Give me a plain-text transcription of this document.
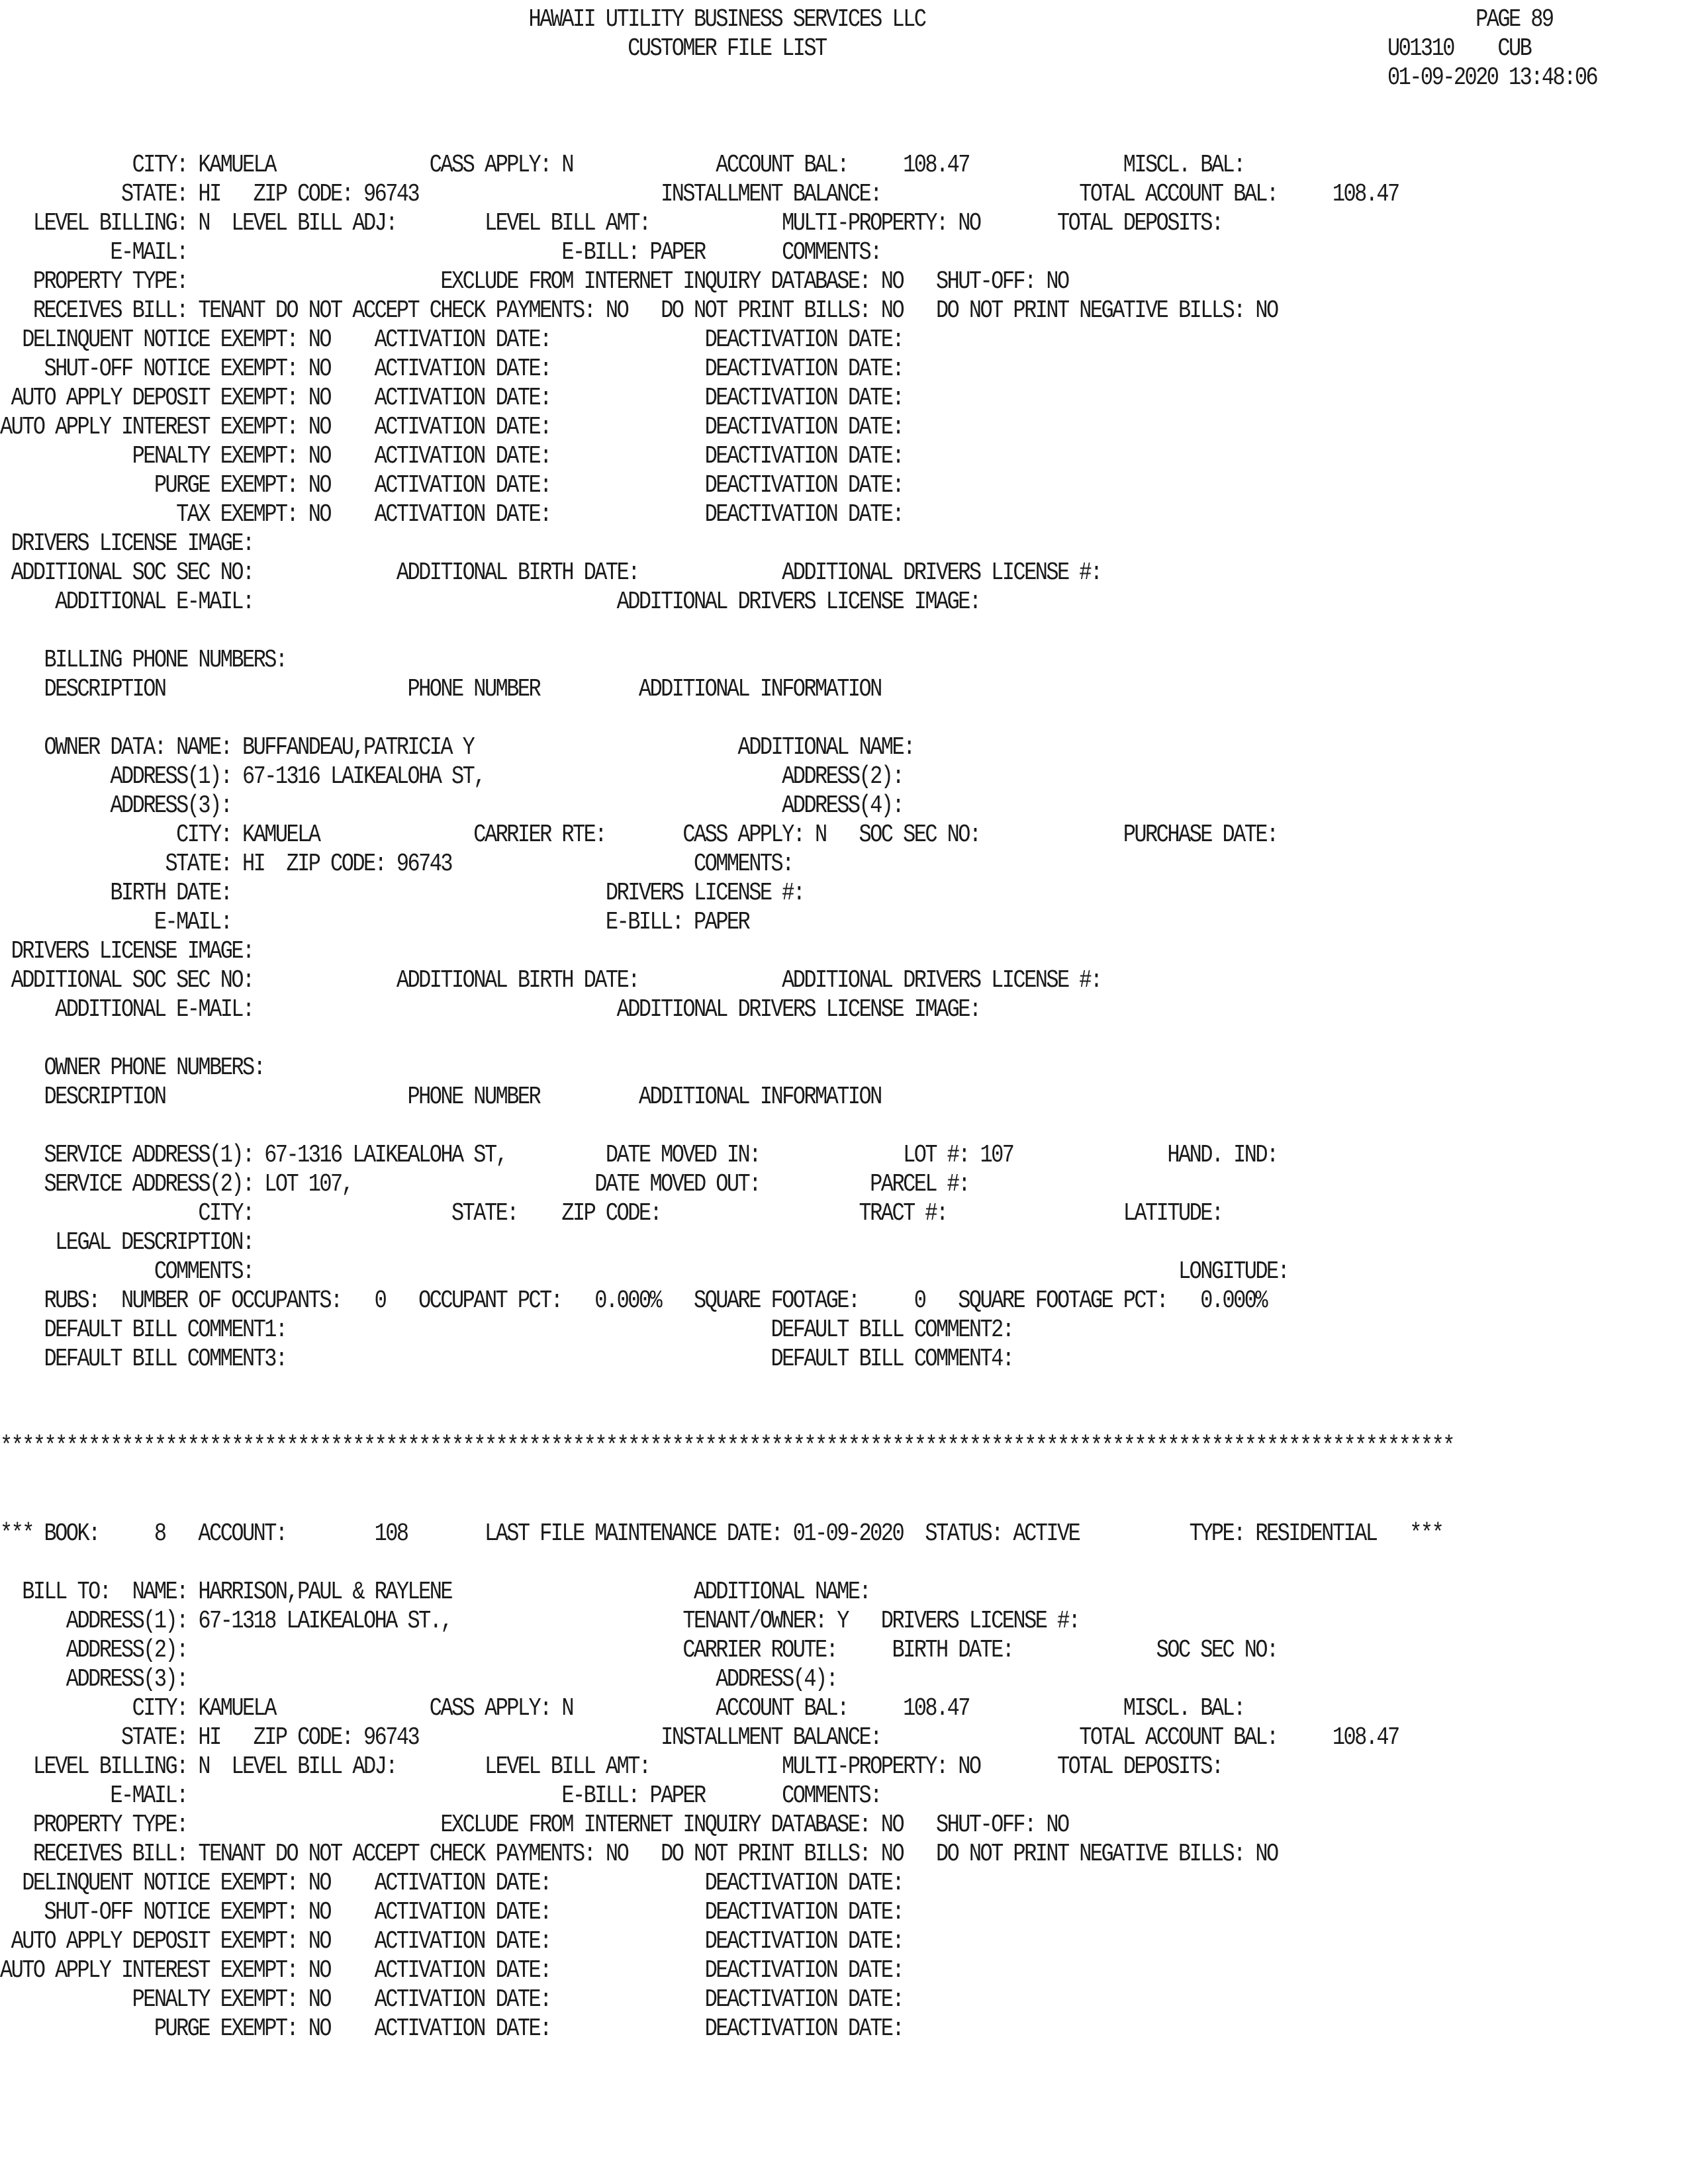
HAWAII UTILITY BUSINESS SERVICES LLC                                                  PAGE 89
CUSTOMER FILE LIST                                                   U01310    CUB
01-09-2020 13:48:06
CITY: KAMUELA              CASS APPLY: N             ACCOUNT BAL:     108.47              MISCL. BAL:
STATE: HI   ZIP CODE: 96743                      INSTALLMENT BALANCE:                  TOTAL ACCOUNT BAL:     108.47
LEVEL BILLING: N  LEVEL BILL ADJ:        LEVEL BILL AMT:            MULTI-PROPERTY: NO       TOTAL DEPOSITS:
E-MAIL:                                  E-BILL: PAPER       COMMENTS:
PROPERTY TYPE:                       EXCLUDE FROM INTERNET INQUIRY DATABASE: NO   SHUT-OFF: NO
RECEIVES BILL: TENANT DO NOT ACCEPT CHECK PAYMENTS: NO   DO NOT PRINT BILLS: NO   DO NOT PRINT NEGATIVE BILLS: NO
DELINQUENT NOTICE EXEMPT: NO    ACTIVATION DATE:              DEACTIVATION DATE:
SHUT-OFF NOTICE EXEMPT: NO    ACTIVATION DATE:              DEACTIVATION DATE:
AUTO APPLY DEPOSIT EXEMPT: NO    ACTIVATION DATE:              DEACTIVATION DATE:
AUTO APPLY INTEREST EXEMPT: NO    ACTIVATION DATE:              DEACTIVATION DATE:
PENALTY EXEMPT: NO    ACTIVATION DATE:              DEACTIVATION DATE:
PURGE EXEMPT: NO    ACTIVATION DATE:              DEACTIVATION DATE:
TAX EXEMPT: NO    ACTIVATION DATE:              DEACTIVATION DATE:
DRIVERS LICENSE IMAGE:
ADDITIONAL SOC SEC NO:             ADDITIONAL BIRTH DATE:             ADDITIONAL DRIVERS LICENSE #:
ADDITIONAL E-MAIL:                                 ADDITIONAL DRIVERS LICENSE IMAGE:
BILLING PHONE NUMBERS:
DESCRIPTION                      PHONE NUMBER         ADDITIONAL INFORMATION
OWNER DATA: NAME: BUFFANDEAU,PATRICIA Y                        ADDITIONAL NAME:
ADDRESS(1): 67-1316 LAIKEALOHA ST,                           ADDRESS(2):
ADDRESS(3):                                                  ADDRESS(4):
CITY: KAMUELA              CARRIER RTE:       CASS APPLY: N   SOC SEC NO:             PURCHASE DATE:
STATE: HI  ZIP CODE: 96743                      COMMENTS:
BIRTH DATE:                                  DRIVERS LICENSE #:
E-MAIL:                                  E-BILL: PAPER
DRIVERS LICENSE IMAGE:
ADDITIONAL SOC SEC NO:             ADDITIONAL BIRTH DATE:             ADDITIONAL DRIVERS LICENSE #:
ADDITIONAL E-MAIL:                                 ADDITIONAL DRIVERS LICENSE IMAGE:
OWNER PHONE NUMBERS:
DESCRIPTION                      PHONE NUMBER         ADDITIONAL INFORMATION
SERVICE ADDRESS(1): 67-1316 LAIKEALOHA ST,         DATE MOVED IN:             LOT #: 107              HAND. IND:
SERVICE ADDRESS(2): LOT 107,                      DATE MOVED OUT:          PARCEL #:
CITY:                  STATE:    ZIP CODE:                  TRACT #:                LATITUDE:
LEGAL DESCRIPTION:
COMMENTS:                                                                                    LONGITUDE:
RUBS:  NUMBER OF OCCUPANTS:   0   OCCUPANT PCT:   0.000%   SQUARE FOOTAGE:     0   SQUARE FOOTAGE PCT:   0.000%
DEFAULT BILL COMMENT1:                                            DEFAULT BILL COMMENT2:
DEFAULT BILL COMMENT3:                                            DEFAULT BILL COMMENT4:
************************************************************************************************************************************
*** BOOK:     8   ACCOUNT:        108       LAST FILE MAINTENANCE DATE: 01-09-2020  STATUS: ACTIVE          TYPE: RESIDENTIAL   ***
BILL TO:  NAME: HARRISON,PAUL & RAYLENE                      ADDITIONAL NAME:
ADDRESS(1): 67-1318 LAIKEALOHA ST.,                     TENANT/OWNER: Y   DRIVERS LICENSE #:
ADDRESS(2):                                             CARRIER ROUTE:     BIRTH DATE:             SOC SEC NO:
ADDRESS(3):                                                ADDRESS(4):
CITY: KAMUELA              CASS APPLY: N             ACCOUNT BAL:     108.47              MISCL. BAL:
STATE: HI   ZIP CODE: 96743                      INSTALLMENT BALANCE:                  TOTAL ACCOUNT BAL:     108.47
LEVEL BILLING: N  LEVEL BILL ADJ:        LEVEL BILL AMT:            MULTI-PROPERTY: NO       TOTAL DEPOSITS:
E-MAIL:                                  E-BILL: PAPER       COMMENTS:
PROPERTY TYPE:                       EXCLUDE FROM INTERNET INQUIRY DATABASE: NO   SHUT-OFF: NO
RECEIVES BILL: TENANT DO NOT ACCEPT CHECK PAYMENTS: NO   DO NOT PRINT BILLS: NO   DO NOT PRINT NEGATIVE BILLS: NO
DELINQUENT NOTICE EXEMPT: NO    ACTIVATION DATE:              DEACTIVATION DATE:
SHUT-OFF NOTICE EXEMPT: NO    ACTIVATION DATE:              DEACTIVATION DATE:
AUTO APPLY DEPOSIT EXEMPT: NO    ACTIVATION DATE:              DEACTIVATION DATE:
AUTO APPLY INTEREST EXEMPT: NO    ACTIVATION DATE:              DEACTIVATION DATE:
PENALTY EXEMPT: NO    ACTIVATION DATE:              DEACTIVATION DATE:
PURGE EXEMPT: NO    ACTIVATION DATE:              DEACTIVATION DATE:
